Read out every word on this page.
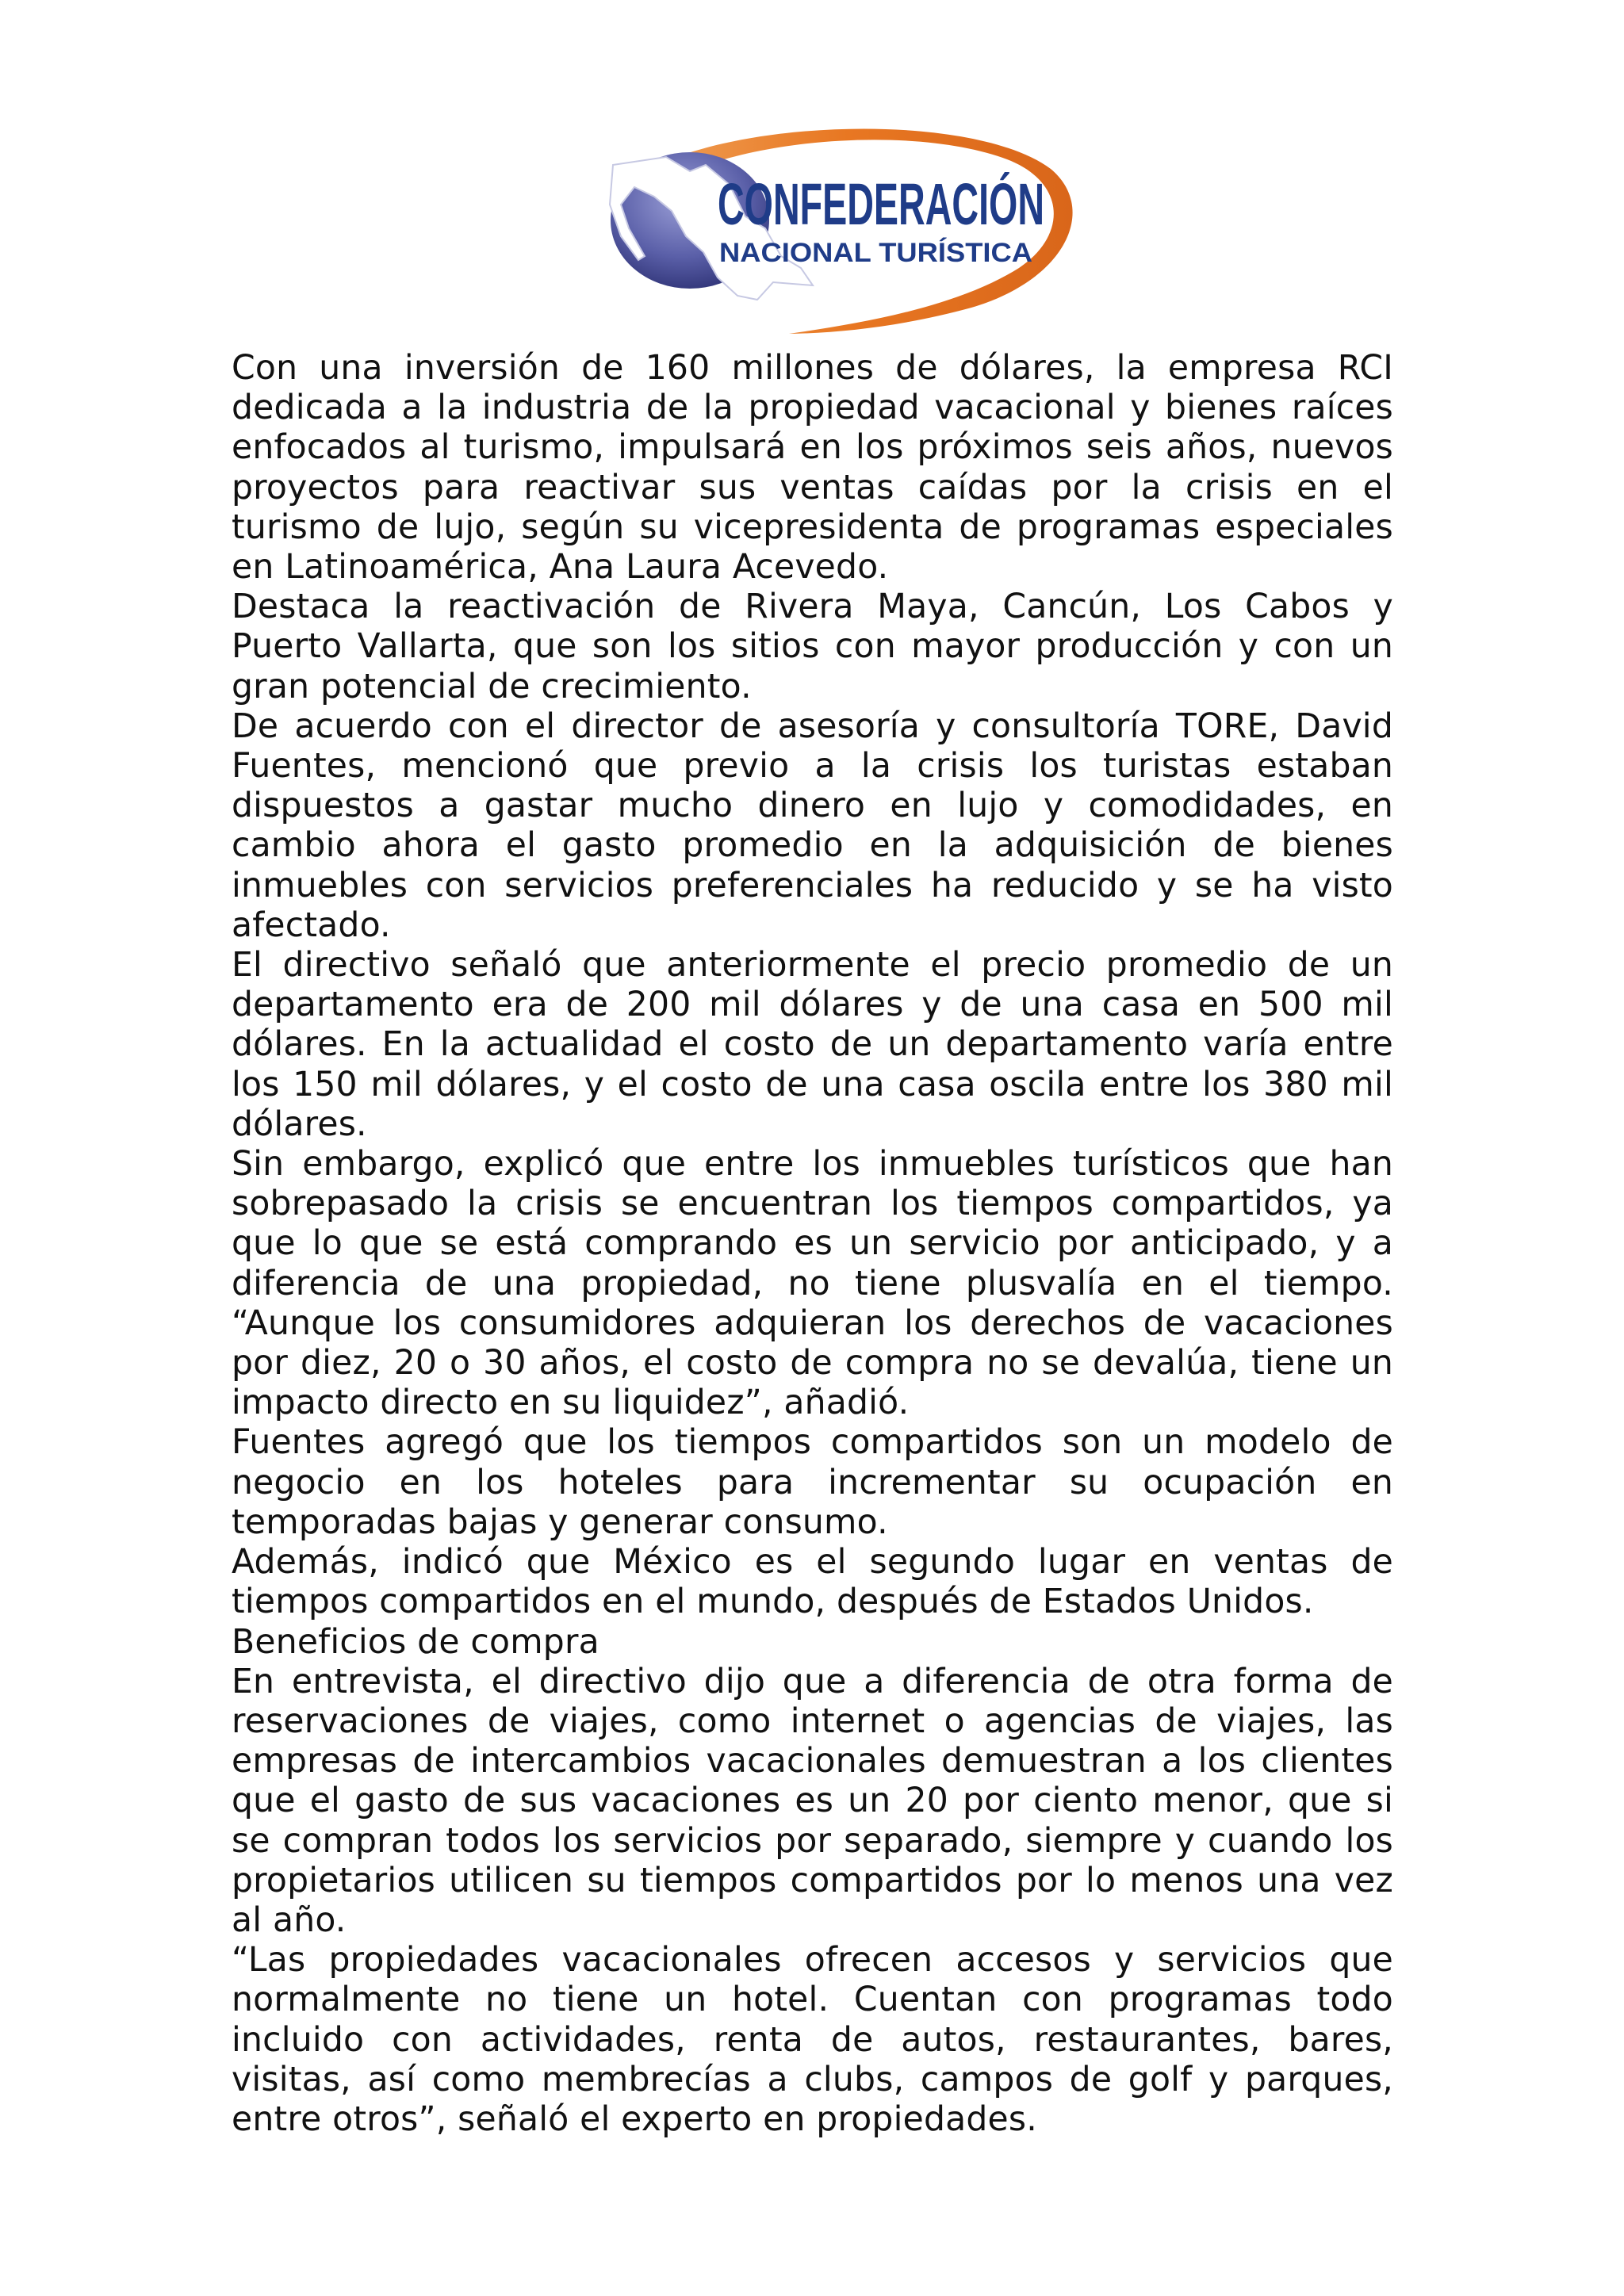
CONFEDERACIÓN
NACIONAL TURÍSTICA

Con una inversión de 160 millones de dólares, la empresa RCI dedicada a la industria de la propiedad vacacional y bienes raíces enfocados al turismo, impulsará en los próximos seis años, nuevos proyectos para reactivar sus ventas caídas por la crisis en el turismo de lujo, según su vicepresidenta de programas especiales en Latinoamérica, Ana Laura Acevedo.

Destaca la reactivación de Rivera Maya, Cancún, Los Cabos y Puerto Vallarta, que son los sitios con mayor producción y con un gran potencial de crecimiento.

De acuerdo con el director de asesoría y consultoría TORE, David Fuentes, mencionó que previo a la crisis los turistas estaban dispuestos a gastar mucho dinero en lujo y comodidades, en cambio ahora el gasto promedio en la adquisición de bienes inmuebles con servicios preferenciales ha reducido y se ha visto afectado.

El directivo señaló que anteriormente el precio promedio de un departamento era de 200 mil dólares y de una casa en 500 mil dólares. En la actualidad el costo de un departamento varía entre los 150 mil dólares, y el costo de una casa oscila entre los 380 mil dólares.

Sin embargo, explicó que entre los inmuebles turísticos que han sobrepasado la crisis se encuentran los tiempos compartidos, ya que lo que se está comprando es un servicio por anticipado, y a diferencia de una propiedad, no tiene plusvalía en el tiempo. “Aunque los consumidores adquieran los derechos de vacaciones por diez, 20 o 30 años, el costo de compra no se devalúa, tiene un impacto directo en su liquidez”, añadió.

Fuentes agregó que los tiempos compartidos son un modelo de negocio en los hoteles para incrementar su ocupación en temporadas bajas y generar consumo.

Además, indicó que México es el segundo lugar en ventas de tiempos compartidos en el mundo, después de Estados Unidos.

Beneficios de compra

En entrevista, el directivo dijo que a diferencia de otra forma de reservaciones de viajes, como internet o agencias de viajes, las empresas de intercambios vacacionales demuestran a los clientes que el gasto de sus vacaciones es un 20 por ciento menor, que si se compran todos los servicios por separado, siempre y cuando los propietarios utilicen su tiempos compartidos por lo menos una vez al año.

“Las propiedades vacacionales ofrecen accesos y servicios que normalmente no tiene un hotel. Cuentan con programas todo incluido con actividades, renta de autos, restaurantes, bares, visitas, así como membrecías a clubs, campos de golf y parques, entre otros”, señaló el experto en propiedades.
